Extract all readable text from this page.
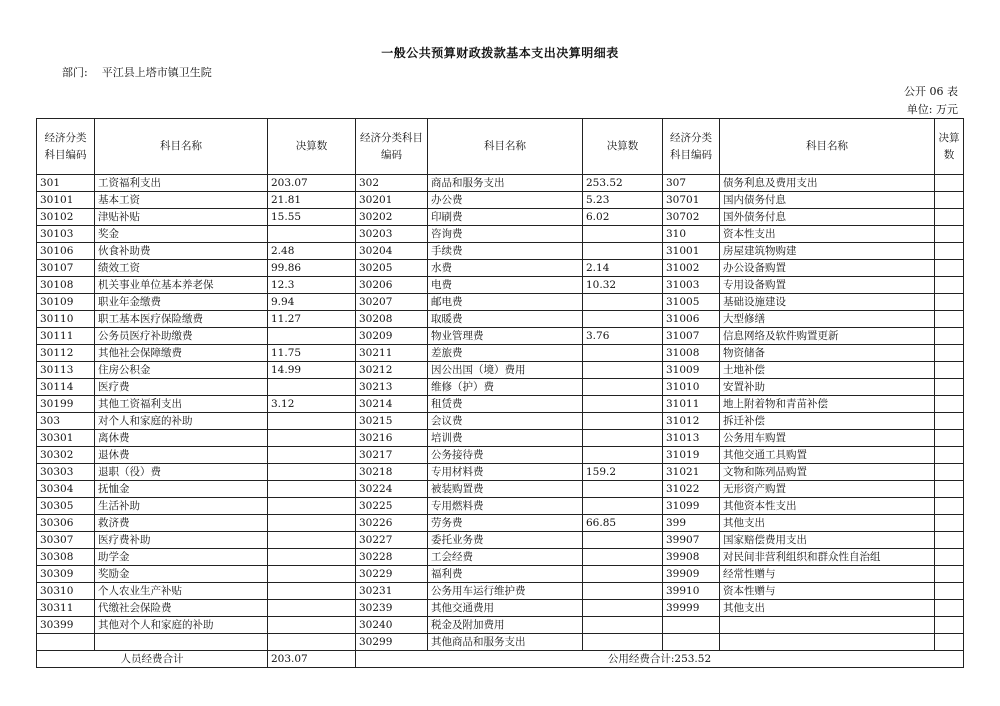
一般公共预算财政拨款基本支出决算明细表
部门: 平江县上塔市镇卫生院
公开 06 表
单位: 万元
经济分类科目编码	科目名称	决算数	经济分类科目编码	科目名称	决算数	经济分类科目编码	科目名称	决算数
301	工资福利支出	203.07	302	商品和服务支出	253.52	307	债务利息及费用支出	
30101	基本工资	21.81	30201	办公费	5.23	30701	国内债务付息	
30102	津贴补贴	15.55	30202	印刷费	6.02	30702	国外债务付息	
30103	奖金		30203	咨询费		310	资本性支出	
30106	伙食补助费	2.48	30204	手续费		31001	房屋建筑物购建	
30107	绩效工资	99.86	30205	水费	2.14	31002	办公设备购置	
30108	机关事业单位基本养老保	12.3	30206	电费	10.32	31003	专用设备购置	
30109	职业年金缴费	9.94	30207	邮电费		31005	基础设施建设	
30110	职工基本医疗保险缴费	11.27	30208	取暖费		31006	大型修缮	
30111	公务员医疗补助缴费		30209	物业管理费	3.76	31007	信息网络及软件购置更新	
30112	其他社会保障缴费	11.75	30211	差旅费		31008	物资储备	
30113	住房公积金	14.99	30212	因公出国（境）费用		31009	土地补偿	
30114	医疗费		30213	维修（护）费		31010	安置补助	
30199	其他工资福利支出	3.12	30214	租赁费		31011	地上附着物和青苗补偿	
303	对个人和家庭的补助		30215	会议费		31012	拆迁补偿	
30301	离休费		30216	培训费		31013	公务用车购置	
30302	退休费		30217	公务接待费		31019	其他交通工具购置	
30303	退职（役）费		30218	专用材料费	159.2	31021	文物和陈列品购置	
30304	抚恤金		30224	被装购置费		31022	无形资产购置	
30305	生活补助		30225	专用燃料费		31099	其他资本性支出	
30306	救济费		30226	劳务费	66.85	399	其他支出	
30307	医疗费补助		30227	委托业务费		39907	国家赔偿费用支出	
30308	助学金		30228	工会经费		39908	对民间非营利组织和群众性自治组	
30309	奖励金		30229	福利费		39909	经常性赠与	
30310	个人农业生产补贴		30231	公务用车运行维护费		39910	资本性赠与	
30311	代缴社会保险费		30239	其他交通费用		39999	其他支出	
30399	其他对个人和家庭的补助		30240	税金及附加费用				
			30299	其他商品和服务支出				
人员经费合计		203.07	公用经费合计:253.52					
